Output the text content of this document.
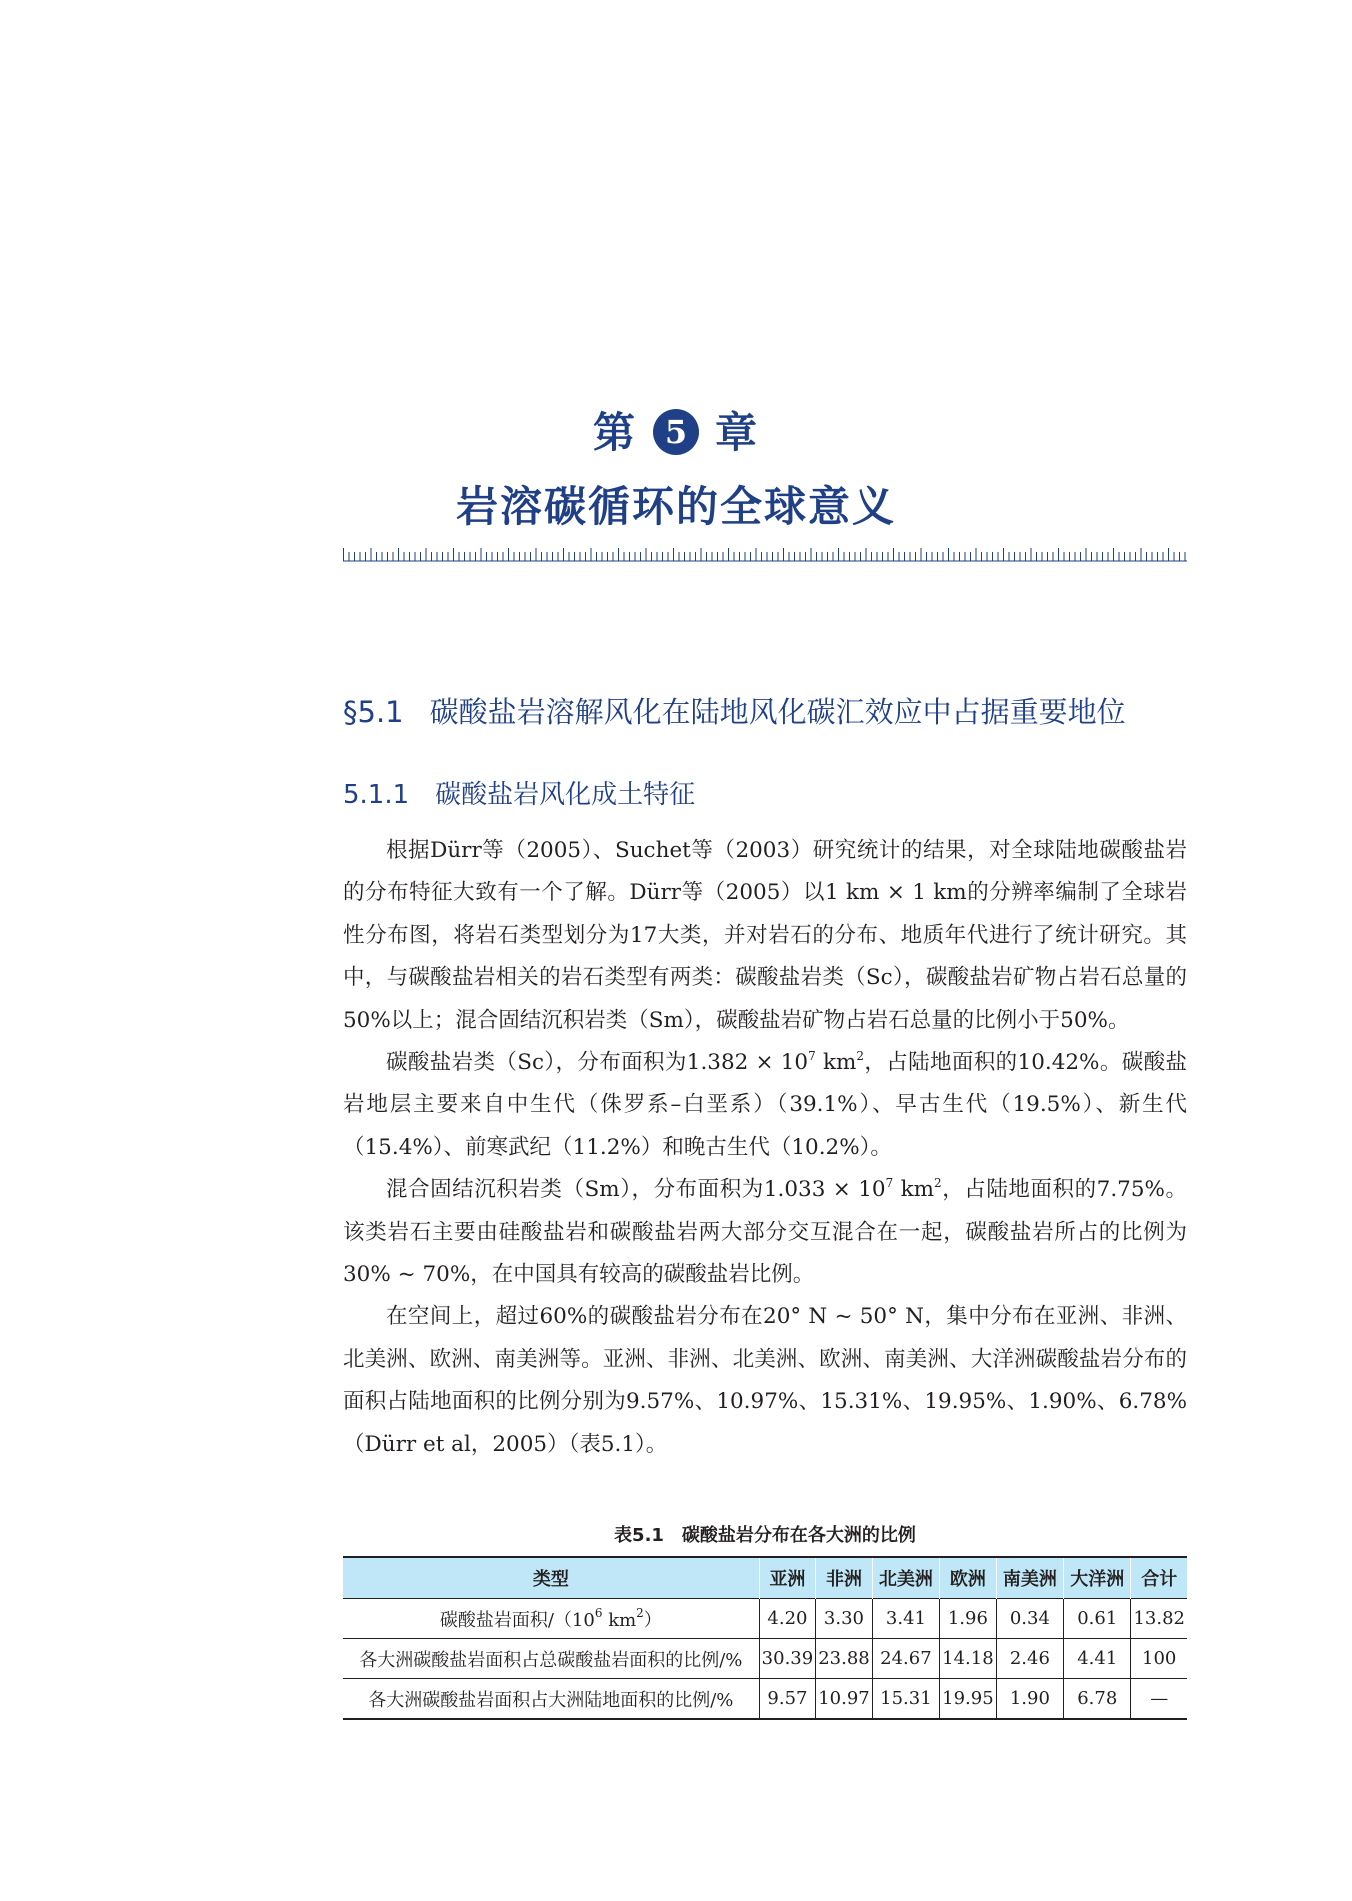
第 5 章
岩溶碳循环的全球意义
§5.1 碳酸盐岩溶解风化在陆地风化碳汇效应中占据重要地位
5.1.1 碳酸盐岩风化成土特征

根据Dürr等（2005）、Suchet等（2003）研究统计的结果，对全球陆地碳酸盐岩的分布特征大致有一个了解。Dürr等（2005）以1 km × 1 km的分辨率编制了全球岩性分布图，将岩石类型划分为17大类，并对岩石的分布、地质年代进行了统计研究。其中，与碳酸盐岩相关的岩石类型有两类：碳酸盐岩类（Sc），碳酸盐岩矿物占岩石总量的50%以上；混合固结沉积岩类（Sm），碳酸盐岩矿物占岩石总量的比例小于50%。

碳酸盐岩类（Sc），分布面积为$1.382 \times 10^7$ $km^2$，占陆地面积的10.42%。碳酸盐岩地层主要来自中生代（侏罗系–白垩系）（39.1%）、早古生代（19.5%）、新生代（15.4%）、前寒武纪（11.2%）和晚古生代（10.2%）。

混合固结沉积岩类（Sm），分布面积为$1.033 \times 10^7$ $km^2$，占陆地面积的7.75%。该类岩石主要由硅酸盐岩和碳酸盐岩两大部分交互混合在一起，碳酸盐岩所占的比例为30% ~ 70%，在中国具有较高的碳酸盐岩比例。

在空间上，超过60%的碳酸盐岩分布在20° N ~ 50° N，集中分布在亚洲、非洲、北美洲、欧洲、南美洲等。亚洲、非洲、北美洲、欧洲、南美洲、大洋洲碳酸盐岩分布的面积占陆地面积的比例分别为9.57%、10.97%、15.31%、19.95%、1.90%、6.78%（Dürr et al，2005）（表5.1）。

表5.1　碳酸盐岩分布在各大洲的比例
类型	亚洲	非洲	北美洲	欧洲	南美洲	大洋洲	合计
碳酸盐岩面积$/(10^6$ $km^2$）	4.20	3.30	3.41	1.96	0.34	0.61	13.82
各大洲碳酸盐岩面积占总碳酸盐岩面积的比例/%	30.39	23.88	24.67	14.18	2.46	4.41	100
各大洲碳酸盐岩面积占大洲陆地面积的比例/%	9.57	10.97	15.31	19.95	1.90	6.78	—
